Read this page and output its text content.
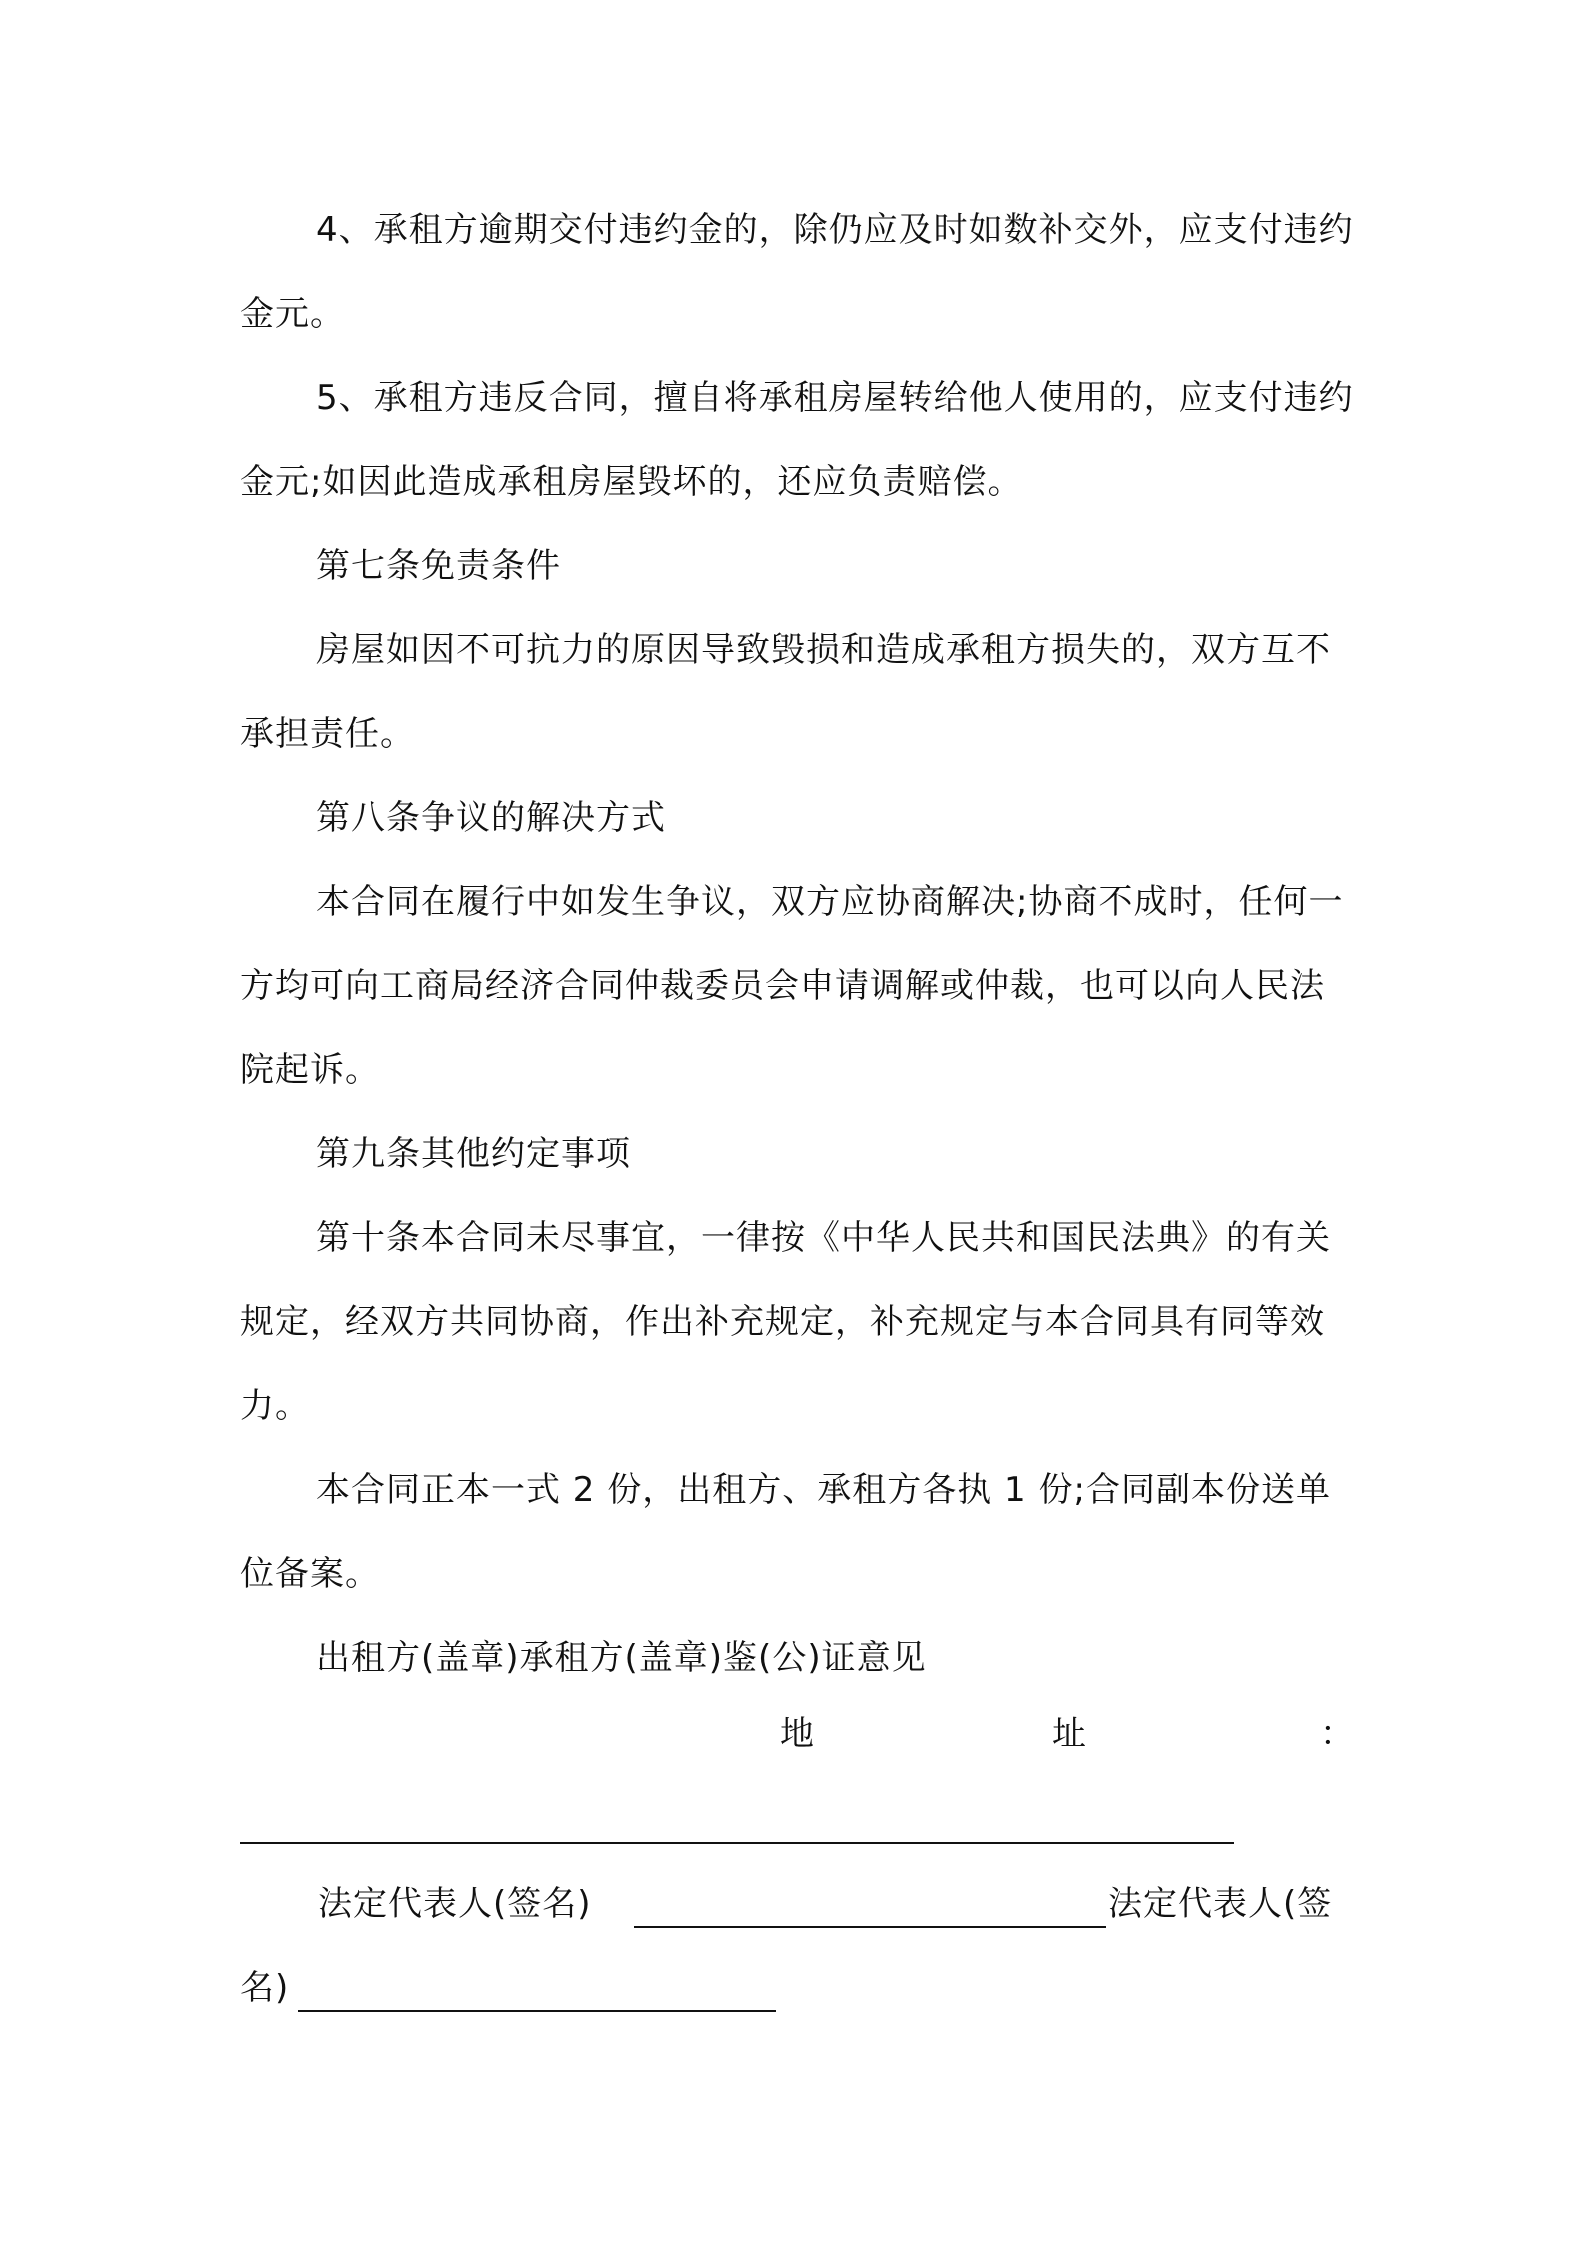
4、承租方逾期交付违约金的，除仍应及时如数补交外，应支付违约金元。

5、承租方违反合同，擅自将承租房屋转给他人使用的，应支付违约金元;如因此造成承租房屋毁坏的，还应负责赔偿。

第七条免责条件

房屋如因不可抗力的原因导致毁损和造成承租方损失的，双方互不承担责任。

第八条争议的解决方式

本合同在履行中如发生争议，双方应协商解决;协商不成时，任何一方均可向工商局经济合同仲裁委员会申请调解或仲裁，也可以向人民法院起诉。

第九条其他约定事项

第十条本合同未尽事宜，一律按《中华人民共和国民法典》的有关规定，经双方共同协商，作出补充规定，补充规定与本合同具有同等效力。

本合同正本一式 2 份，出租方、承租方各执 1 份;合同副本份送单位备案。

出租方(盖章)承租方(盖章)鉴(公)证意见

地	址	：
法定代表人(签名)	法定代表人(签
名)
